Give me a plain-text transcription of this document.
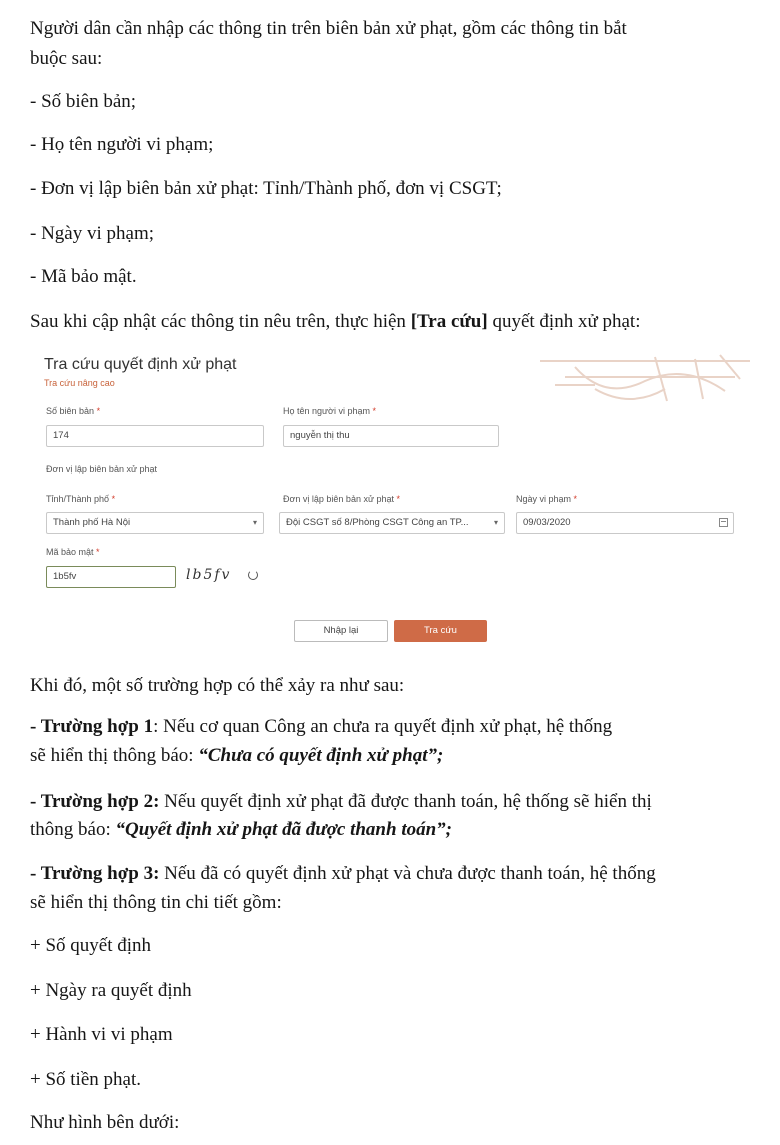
Người dân cần nhập các thông tin trên biên bản xử phạt, gồm các thông tin bắt

buộc sau:

- Số biên bản;

- Họ tên người vi phạm;

- Đơn vị lập biên bản xử phạt: Tỉnh/Thành phố, đơn vị CSGT;

- Ngày vi phạm;

- Mã bảo mật.

Sau khi cập nhật các thông tin nêu trên, thực hiện [Tra cứu] quyết định xử phạt:

Tra cứu quyết định xử phạt
Tra cứu nâng cao
Số biên bản *
174
Họ tên người vi phạm *
nguyễn thị thu
Đơn vị lập biên bản xử phạt
Tỉnh/Thành phố *
Thành phố Hà Nội	▾
Đơn vị lập biên bản xử phạt *
Đội CSGT số 8/Phòng CSGT Công an TP...	▾
Ngày vi phạm *
09/03/2020
Mã bảo mật *
1b5fv	lb5fv
Nhập lại	Tra cứu

Khi đó, một số trường hợp có thể xảy ra như sau:

- Trường hợp 1: Nếu cơ quan Công an chưa ra quyết định xử phạt, hệ thống

sẽ hiển thị thông báo: “Chưa có quyết định xử phạt”;

- Trường hợp 2: Nếu quyết định xử phạt đã được thanh toán, hệ thống sẽ hiển thị

thông báo: “Quyết định xử phạt đã được thanh toán”;

- Trường hợp 3: Nếu đã có quyết định xử phạt và chưa được thanh toán, hệ thống

sẽ hiển thị thông tin chi tiết gồm:

+ Số quyết định

+ Ngày ra quyết định

+ Hành vi vi phạm

+ Số tiền phạt.

Như hình bên dưới:
